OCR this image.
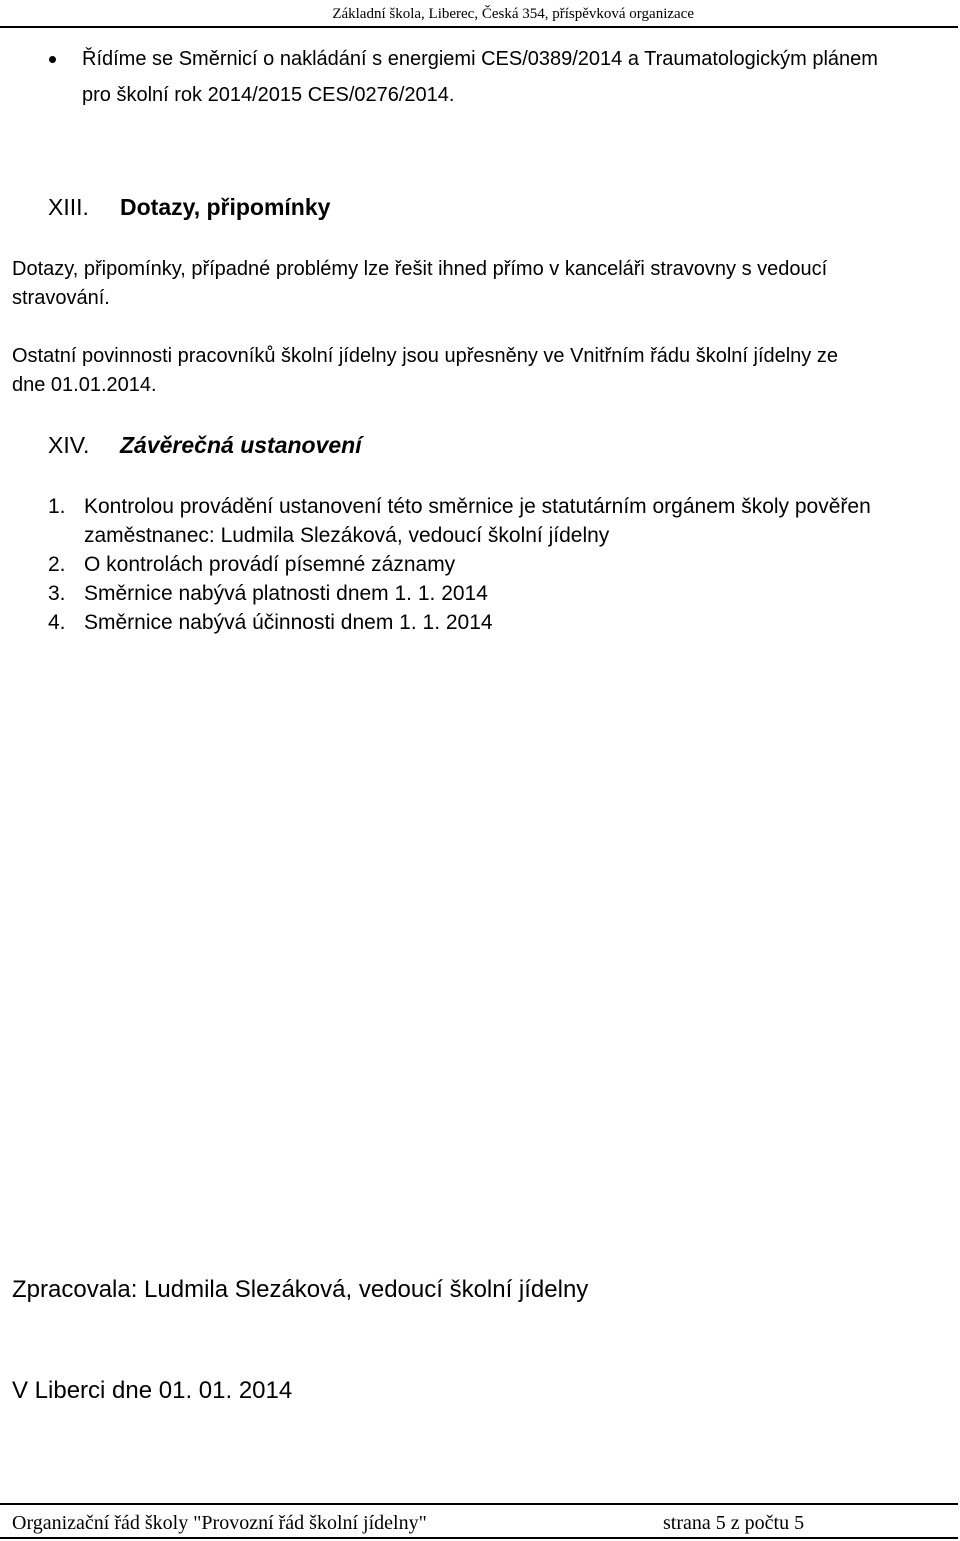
Základní škola, Liberec, Česká 354, příspěvková organizace
Řídíme se Směrnicí o nakládání s energiemi CES/0389/2014 a Traumatologickým plánem
pro školní rok 2014/2015 CES/0276/2014.
XIII. Dotazy, připomínky
Dotazy, připomínky, případné problémy lze řešit ihned přímo v kanceláři stravovny s vedoucí
stravování.
Ostatní povinnosti pracovníků školní jídelny jsou upřesněny ve Vnitřním řádu školní jídelny ze
dne 01.01.2014.
XIV. Závěrečná ustanovení
1. Kontrolou provádění ustanovení této směrnice je statutárním orgánem školy pověřen
zaměstnanec: Ludmila Slezáková, vedoucí školní jídelny
2. O kontrolách provádí písemné záznamy
3. Směrnice nabývá platnosti dnem 1. 1. 2014
4. Směrnice nabývá účinnosti dnem 1. 1. 2014
Zpracovala: Ludmila Slezáková, vedoucí školní jídelny
V Liberci dne 01. 01. 2014
Organizační řád školy "Provozní řád školní jídelny"	strana 5 z počtu 5
